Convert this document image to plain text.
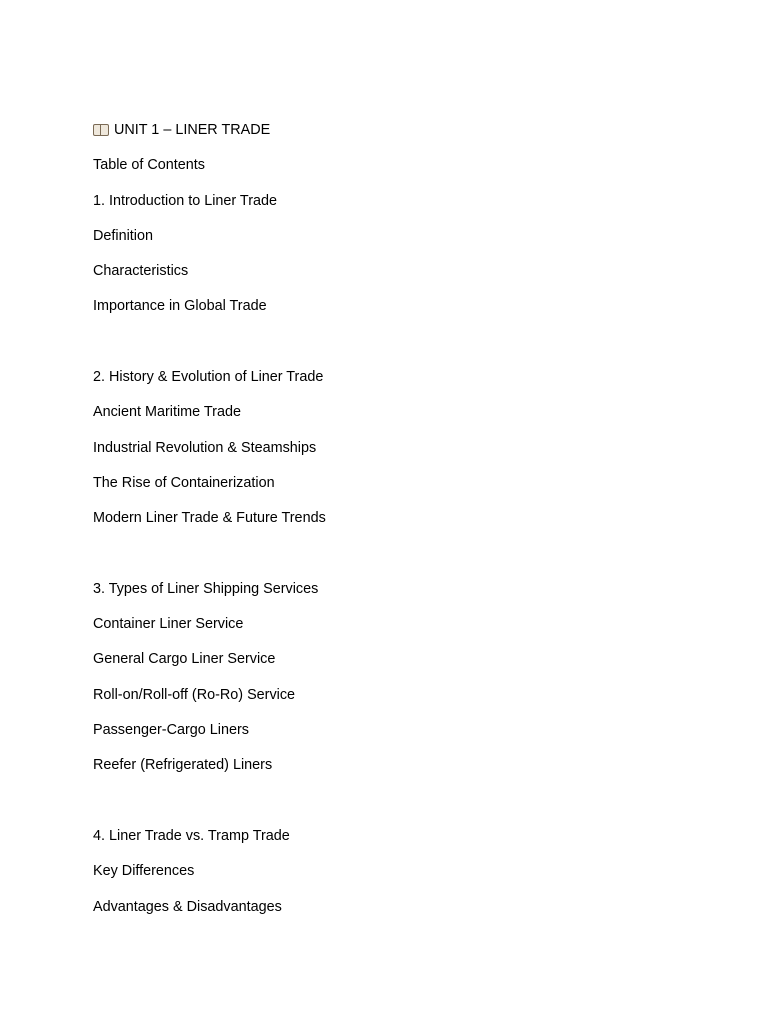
UNIT 1 – LINER TRADE
Table of Contents
1. Introduction to Liner Trade
Definition
Characteristics
Importance in Global Trade
2. History & Evolution of Liner Trade
Ancient Maritime Trade
Industrial Revolution & Steamships
The Rise of Containerization
Modern Liner Trade & Future Trends
3. Types of Liner Shipping Services
Container Liner Service
General Cargo Liner Service
Roll-on/Roll-off (Ro-Ro) Service
Passenger-Cargo Liners
Reefer (Refrigerated) Liners
4. Liner Trade vs. Tramp Trade
Key Differences
Advantages & Disadvantages
